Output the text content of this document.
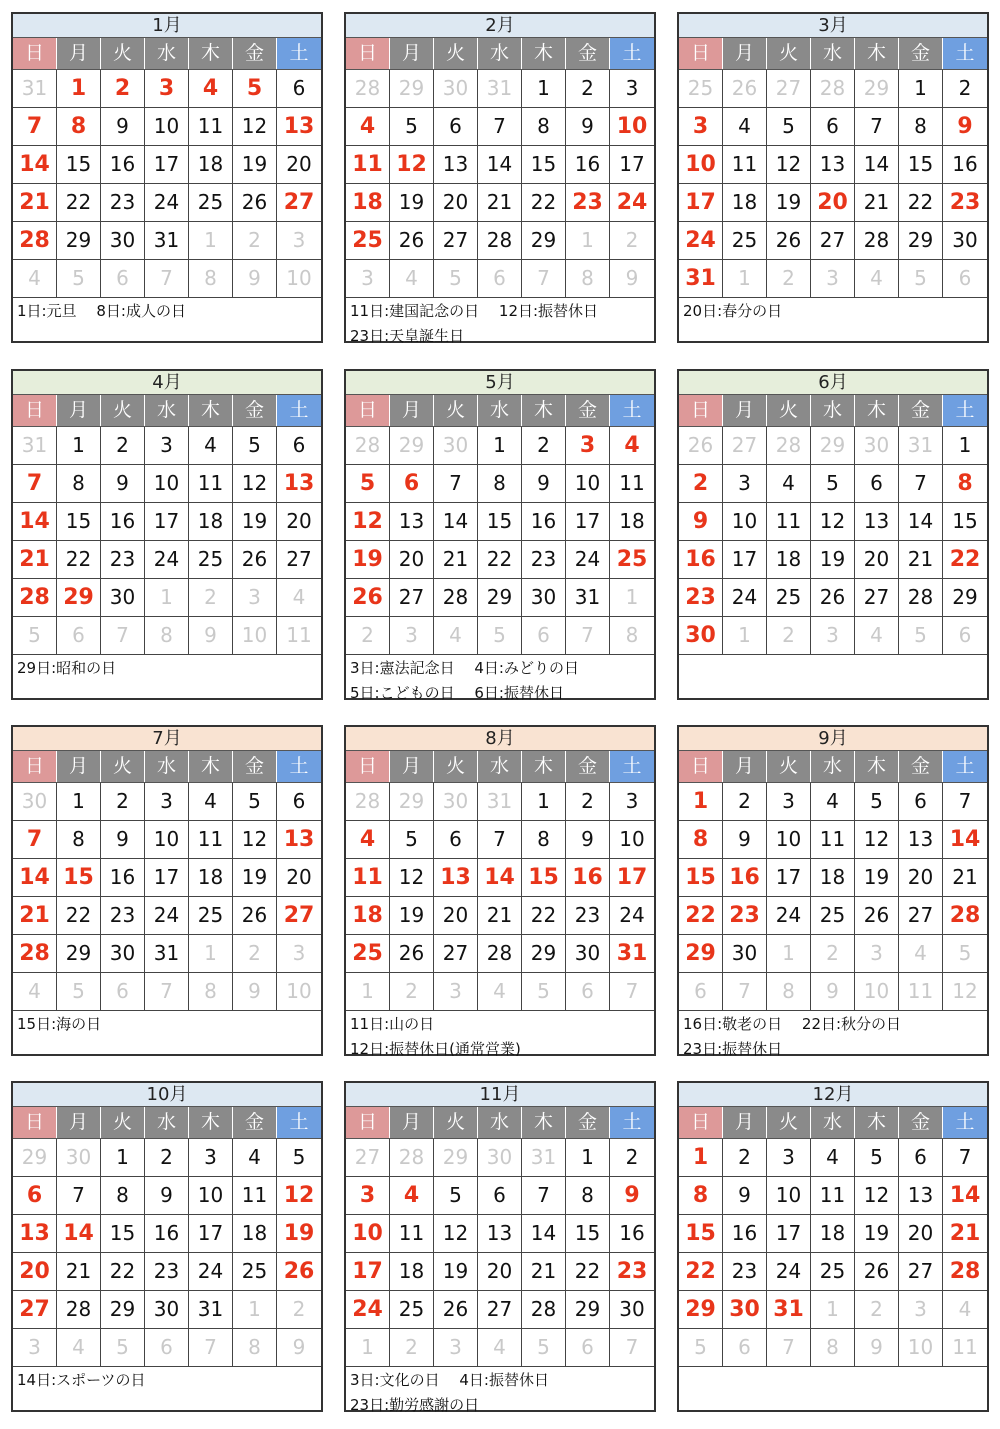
1月
日	月	火	水	木	金	土
31	1	2	3	4	5	6
7	8	9	10 11 12 13
14 15 16 17 18 19 20
21 22 23 24 25 26 27
28 29 30 31	1	2	3
4	5	6	7	8	9	10
1日:元旦　 8日:成人の日
2月
日	月	火	水	木	金	土
28 29 30 31	1	2	3
4	5	6	7	8	9	10
11 12 13 14 15 16 17
18 19 20 21 22 23 24
25 26 27 28 29	1	2
3	4	5	6	7	8	9
11日:建国記念の日　 12日:振替休日
23日:天皇誕生日
3月
日	月	火	水	木	金	土
25 26 27 28 29	1	2
3	4	5	6	7	8	9
10 11 12 13 14 15 16
17 18 19 20 21 22 23
24 25 26 27 28 29 30
31	1	2	3	4	5	6
20日:春分の日
4月
日	月	火	水	木	金	土
31	1	2	3	4	5	6
7	8	9	10 11 12 13
14 15 16 17 18 19 20
21 22 23 24 25 26 27
28 29 30	1	2	3	4
5	6	7	8	9	10 11
29日:昭和の日
5月
日	月	火	水	木	金	土
28 29 30	1	2	3	4
5	6	7	8	9	10 11
12 13 14 15 16 17 18
19 20 21 22 23 24 25
26 27 28 29 30 31	1
2	3	4	5	6	7	8
3日:憲法記念日　 4日:みどりの日
5日:こどもの日　 6日:振替休日
6月
日	月	火	水	木	金	土
26 27 28 29 30 31	1
2	3	4	5	6	7	8
9	10 11 12 13 14 15
16 17 18 19 20 21 22
23 24 25 26 27 28 29
30	1	2	3	4	5	6
7月
日	月	火	水	木	金	土
30	1	2	3	4	5	6
7	8	9	10 11 12 13
14 15 16 17 18 19 20
21 22 23 24 25 26 27
28 29 30 31	1	2	3
4	5	6	7	8	9	10
15日:海の日
8月
日	月	火	水	木	金	土
28 29 30 31	1	2	3
4	5	6	7	8	9	10
11 12 13 14 15 16 17
18 19 20 21 22 23 24
25 26 27 28 29 30 31
1	2	3	4	5	6	7
11日:山の日
12日:振替休日(通常営業)
9月
日	月	火	水	木	金	土
1	2	3	4	5	6	7
8	9	10 11 12 13 14
15 16 17 18 19 20 21
22 23 24 25 26 27 28
29 30	1	2	3	4	5
6	7	8	9	10 11 12
16日:敬老の日　 22日:秋分の日
23日:振替休日
10月
日	月	火	水	木	金	土
29 30	1	2	3	4	5
6	7	8	9	10 11 12
13 14 15 16 17 18 19
20 21 22 23 24 25 26
27 28 29 30 31	1	2
3	4	5	6	7	8	9
14日:スポーツの日
11月
日	月	火	水	木	金	土
27 28 29 30 31	1	2
3	4	5	6	7	8	9
10 11 12 13 14 15 16
17 18 19 20 21 22 23
24 25 26 27 28 29 30
1	2	3	4	5	6	7
3日:文化の日　 4日:振替休日
23日:勤労感謝の日
12月
日	月	火	水	木	金	土
1	2	3	4	5	6	7
8	9	10 11 12 13 14
15 16 17 18 19 20 21
22 23 24 25 26 27 28
29 30 31	1	2	3	4
5	6	7	8	9	10 11
